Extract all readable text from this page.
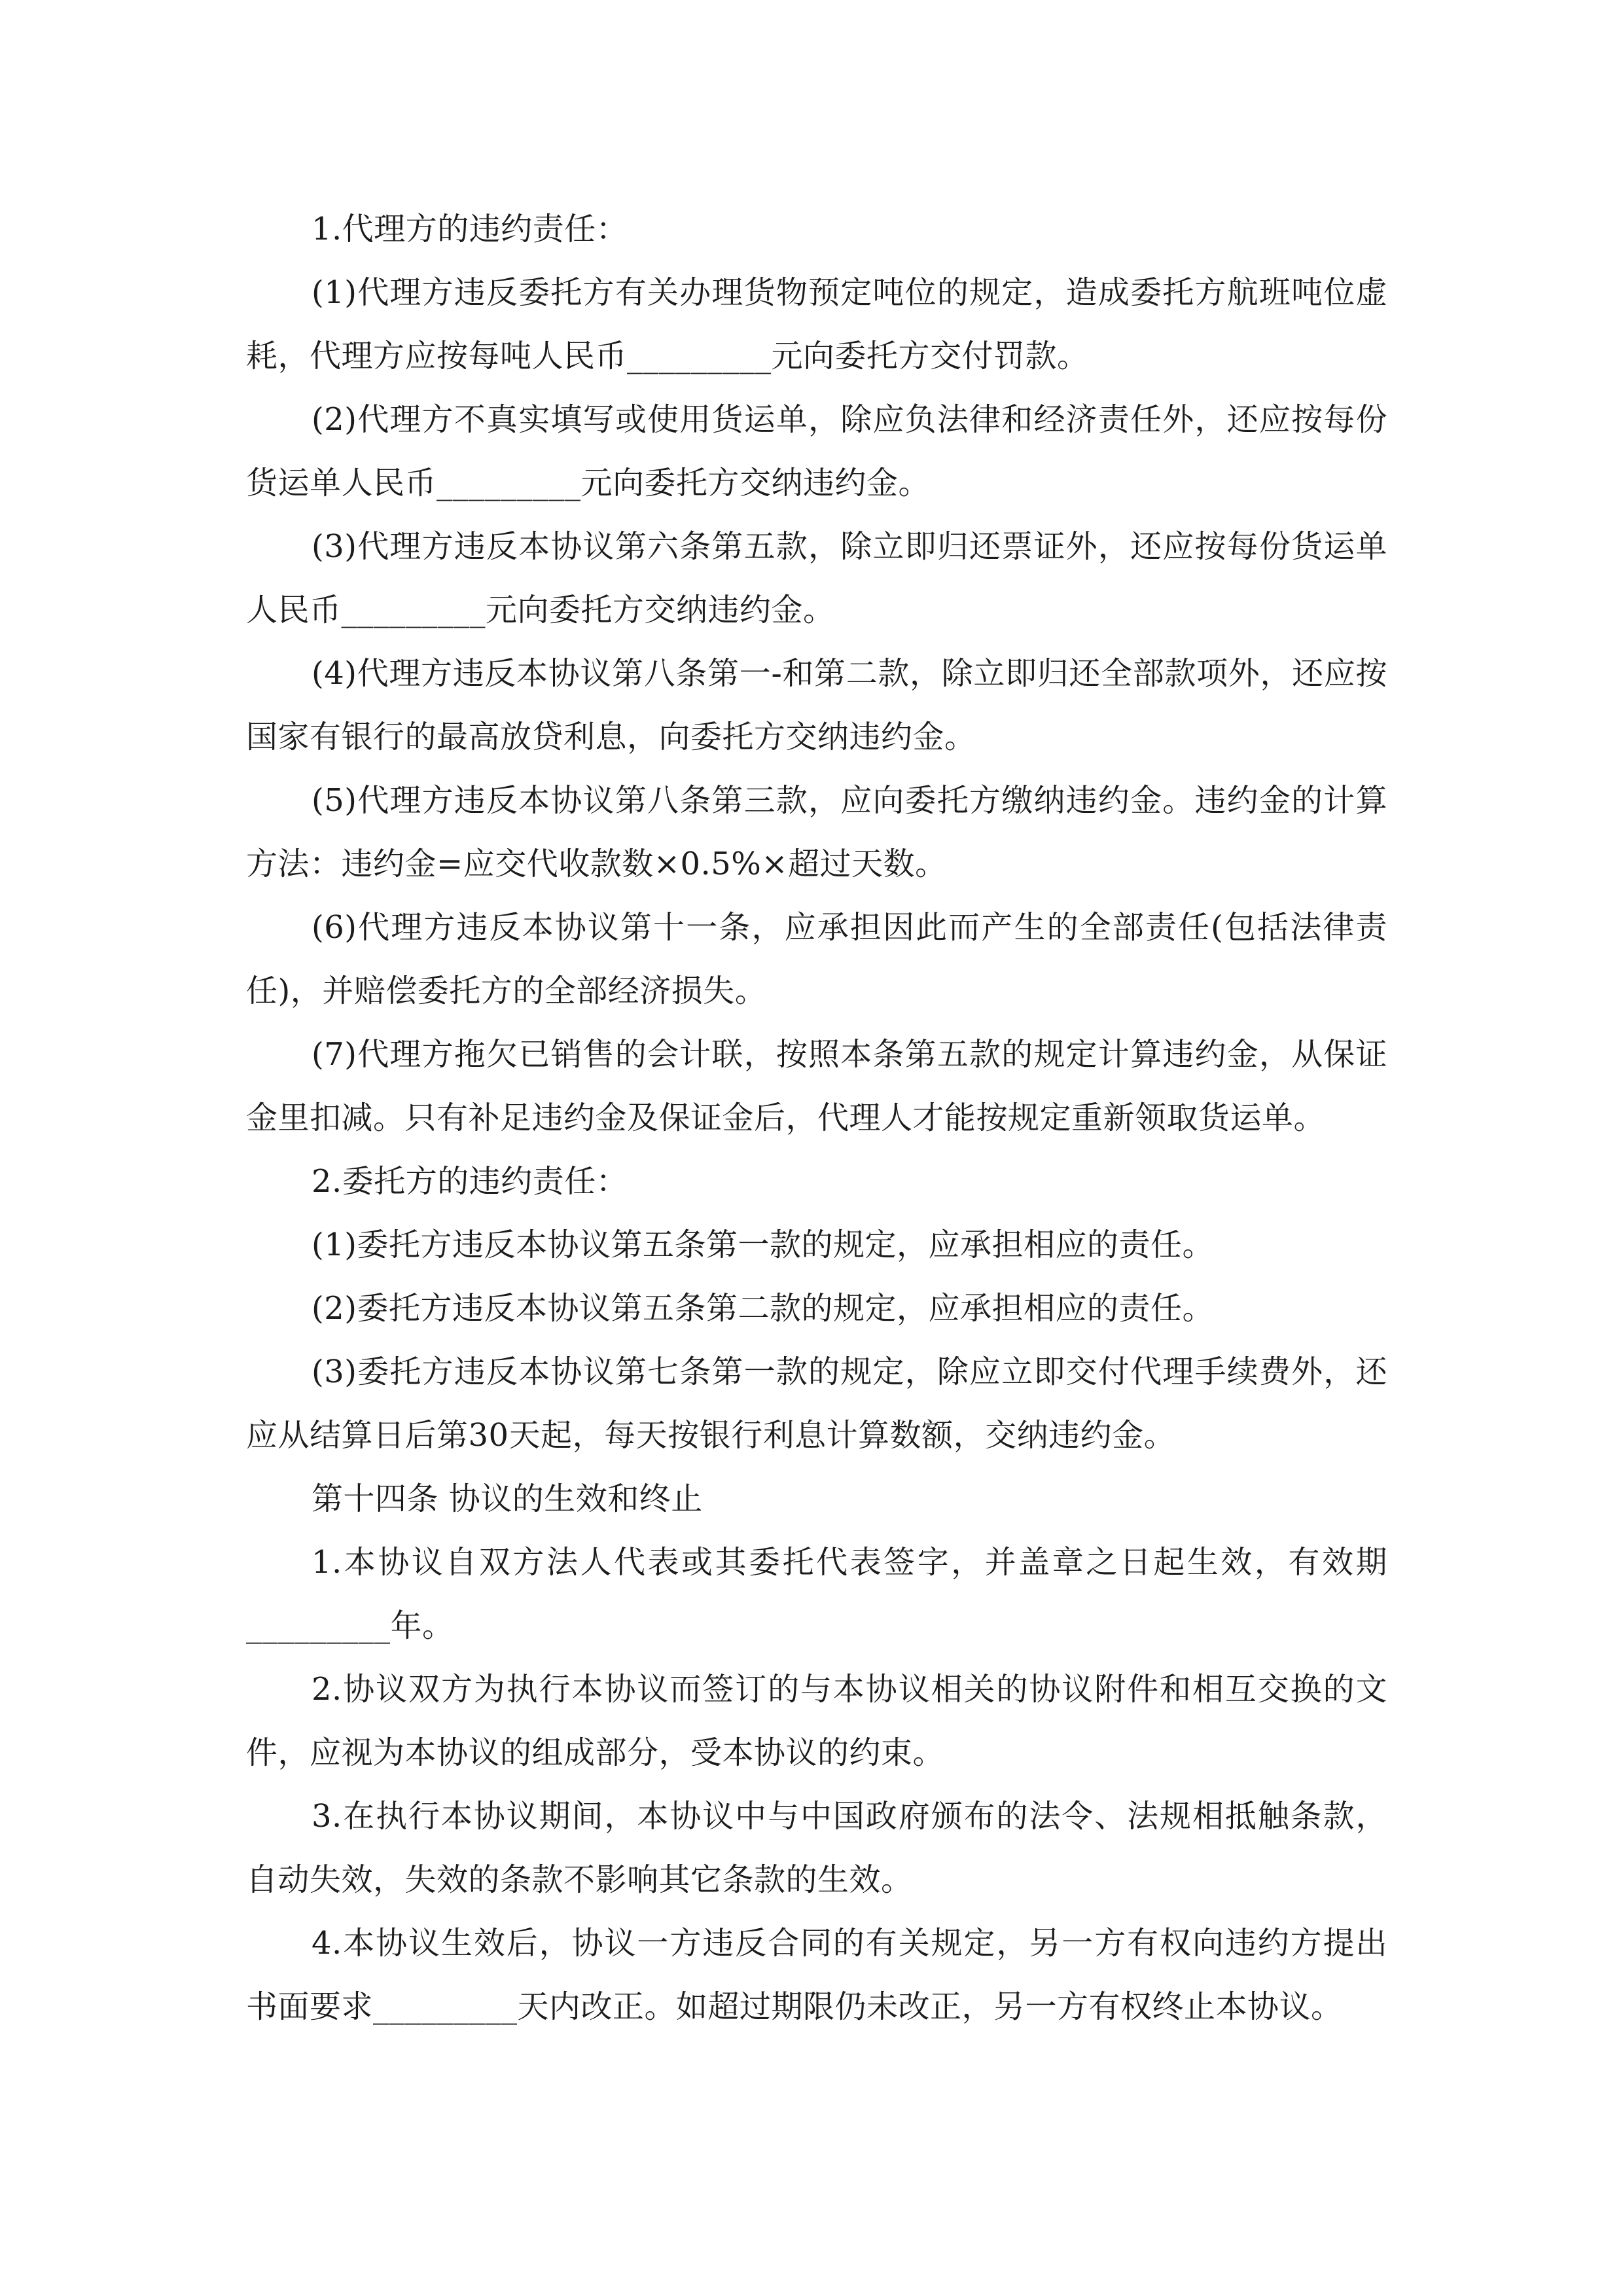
1.代理方的违约责任：

(1)代理方违反委托方有关办理货物预定吨位的规定，造成委托方航班吨位虚耗，代理方应按每吨人民币_________元向委托方交付罚款。

(2)代理方不真实填写或使用货运单，除应负法律和经济责任外，还应按每份货运单人民币_________元向委托方交纳违约金。

(3)代理方违反本协议第六条第五款，除立即归还票证外，还应按每份货运单人民币_________元向委托方交纳违约金。

(4)代理方违反本协议第八条第一-和第二款，除立即归还全部款项外，还应按国家有银行的最高放贷利息，向委托方交纳违约金。

(5)代理方违反本协议第八条第三款，应向委托方缴纳违约金。违约金的计算方法：违约金=应交代收款数×0.5%×超过天数。

(6)代理方违反本协议第十一条，应承担因此而产生的全部责任(包括法律责任)，并赔偿委托方的全部经济损失。

(7)代理方拖欠已销售的会计联，按照本条第五款的规定计算违约金，从保证金里扣减。只有补足违约金及保证金后，代理人才能按规定重新领取货运单。

2.委托方的违约责任：

(1)委托方违反本协议第五条第一款的规定，应承担相应的责任。

(2)委托方违反本协议第五条第二款的规定，应承担相应的责任。

(3)委托方违反本协议第七条第一款的规定，除应立即交付代理手续费外，还应从结算日后第30天起，每天按银行利息计算数额，交纳违约金。

第十四条 协议的生效和终止

1.本协议自双方法人代表或其委托代表签字，并盖章之日起生效，有效期_________年。

2.协议双方为执行本协议而签订的与本协议相关的协议附件和相互交换的文件，应视为本协议的组成部分，受本协议的约束。

3.在执行本协议期间，本协议中与中国政府颁布的法令、法规相抵触条款，自动失效，失效的条款不影响其它条款的生效。

4.本协议生效后，协议一方违反合同的有关规定，另一方有权向违约方提出书面要求_________天内改正。如超过期限仍未改正，另一方有权终止本协议。
